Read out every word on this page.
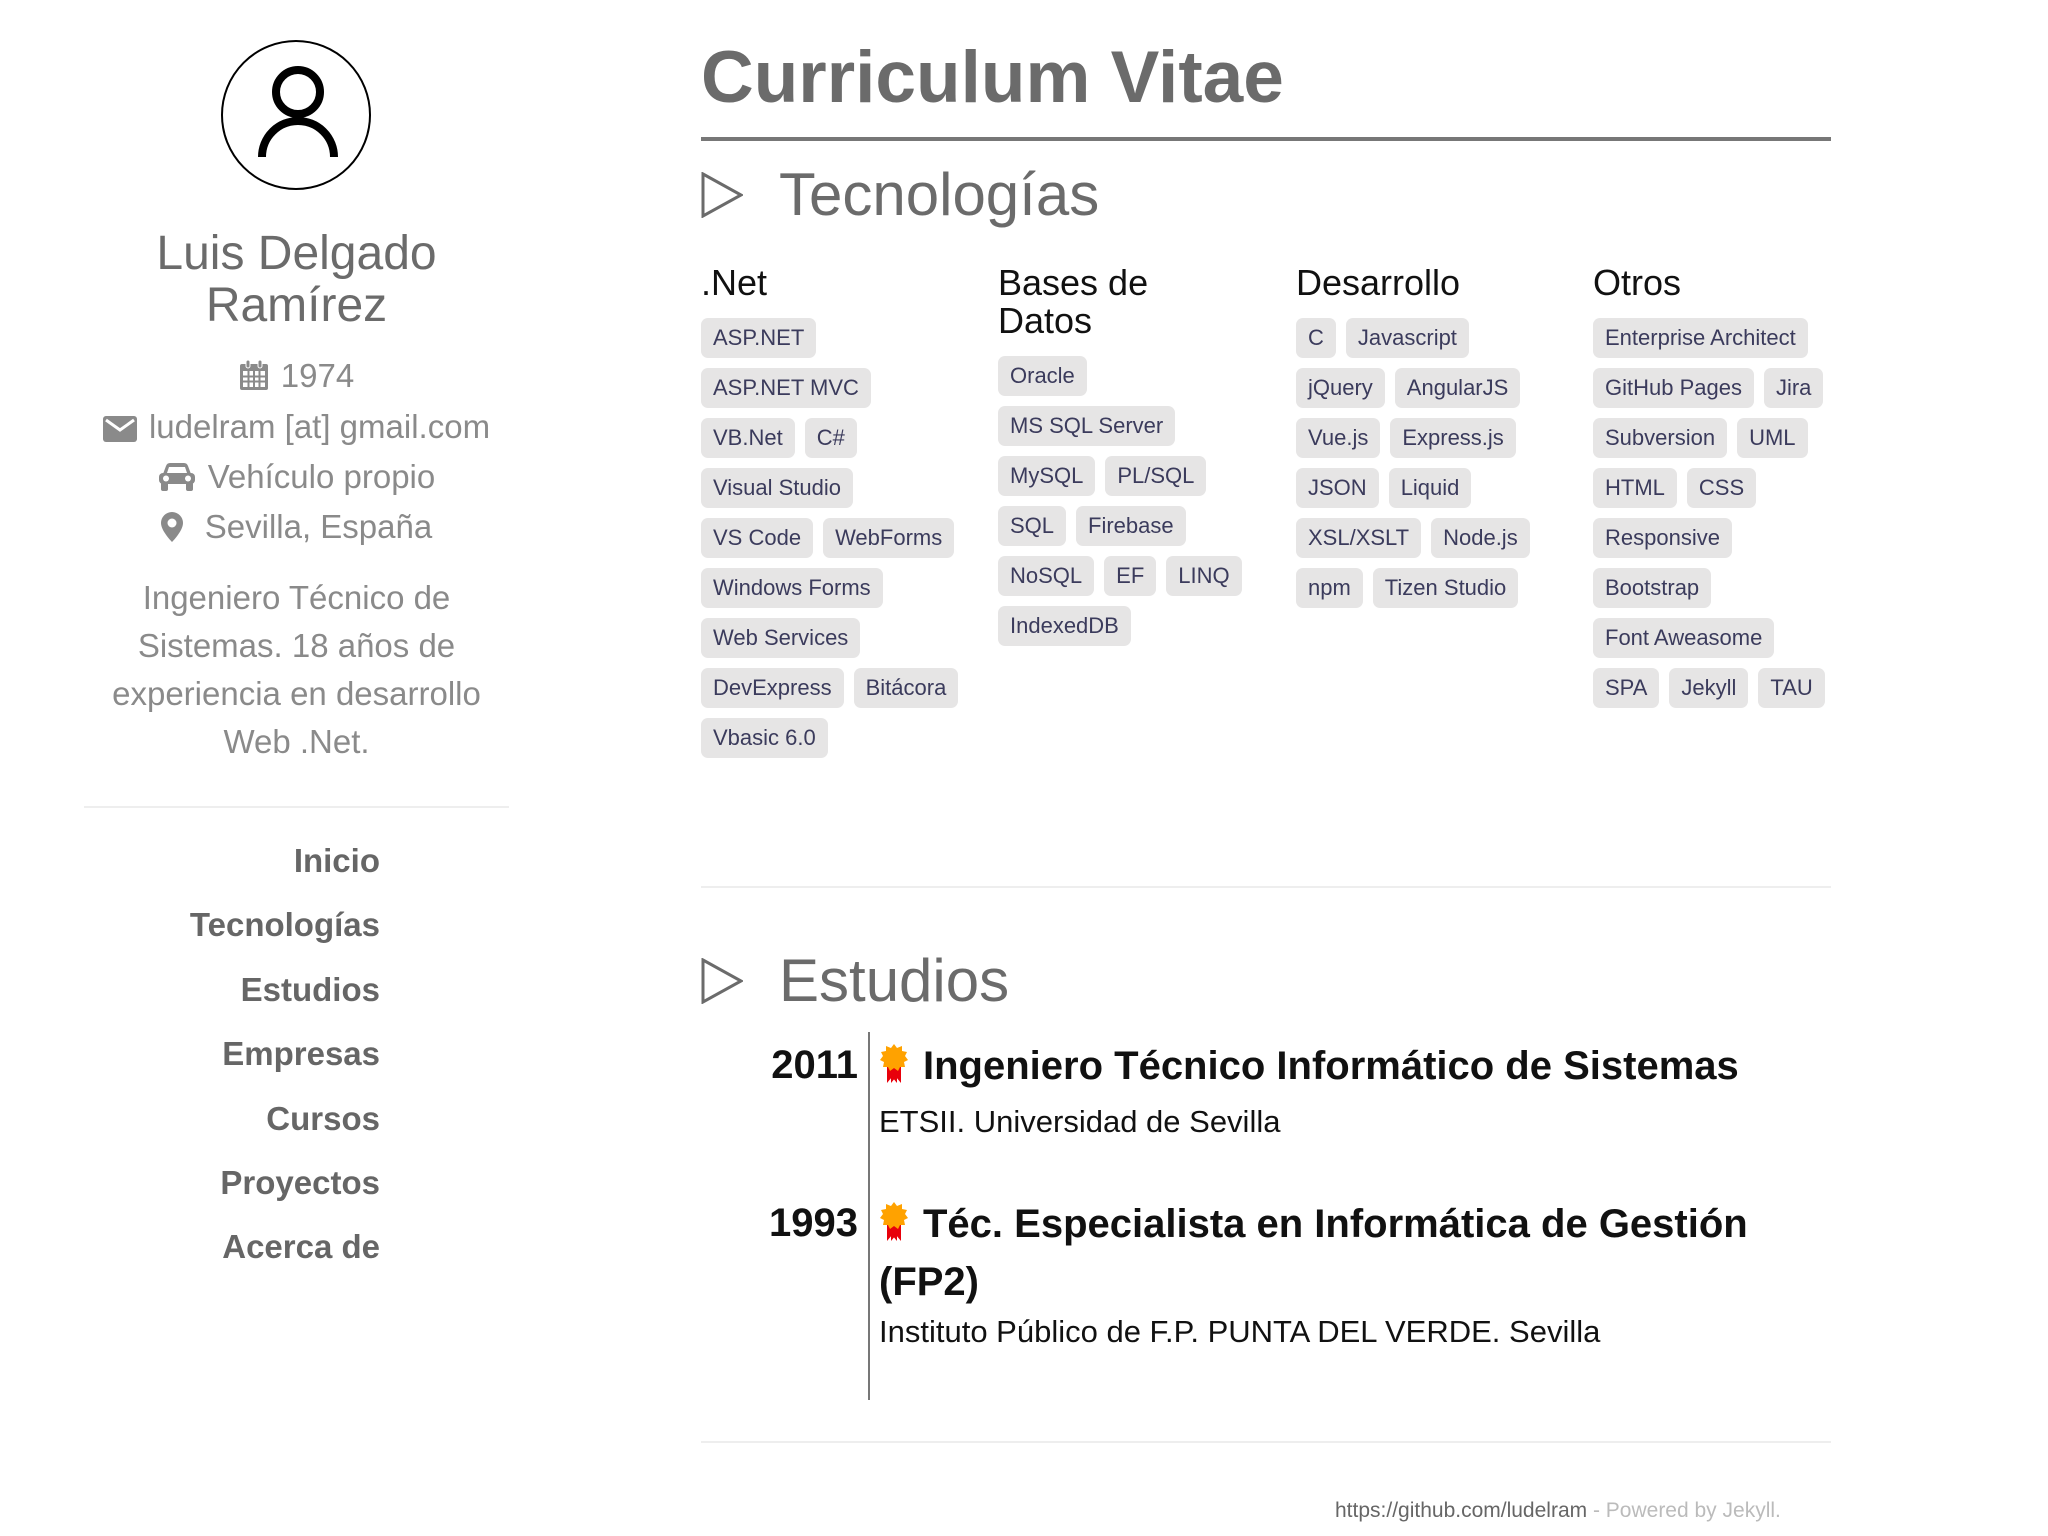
Luis Delgado
Ramírez
1974
ludelram [at] gmail.com
Vehículo propio
Sevilla, España

Ingeniero Técnico de Sistemas. 18 años de experiencia en desarrollo Web .Net.

Inicio
Tecnologías
Estudios
Empresas
Cursos
Proyectos
Acerca de
Curriculum Vitae
Tecnologías
.Net
ASP.NET
ASP.NET MVC
VB.Net	C#
Visual Studio
VS Code	WebForms
Windows Forms
Web Services
DevExpress	Bitácora
Vbasic 6.0
Bases de Datos
Oracle
MS SQL Server
MySQL	PL/SQL
SQL	Firebase
NoSQL	EF	LINQ
IndexedDB
Desarrollo
C	Javascript
jQuery	AngularJS
Vue.js	Express.js
JSON	Liquid
XSL/XSLT	Node.js
npm	Tizen Studio
Otros
Enterprise Architect
GitHub Pages	Jira
Subversion	UML
HTML	CSS
Responsive
Bootstrap
Font Aweasome
SPA	Jekyll	TAU
Estudios
2011	Ingeniero Técnico Informático de Sistemas
ETSII. Universidad de Sevilla
1993	Téc. Especialista en Informática de Gestión (FP2)
Instituto Público de F.P. PUNTA DEL VERDE. Sevilla
https://github.com/ludelram - Powered by Jekyll.
